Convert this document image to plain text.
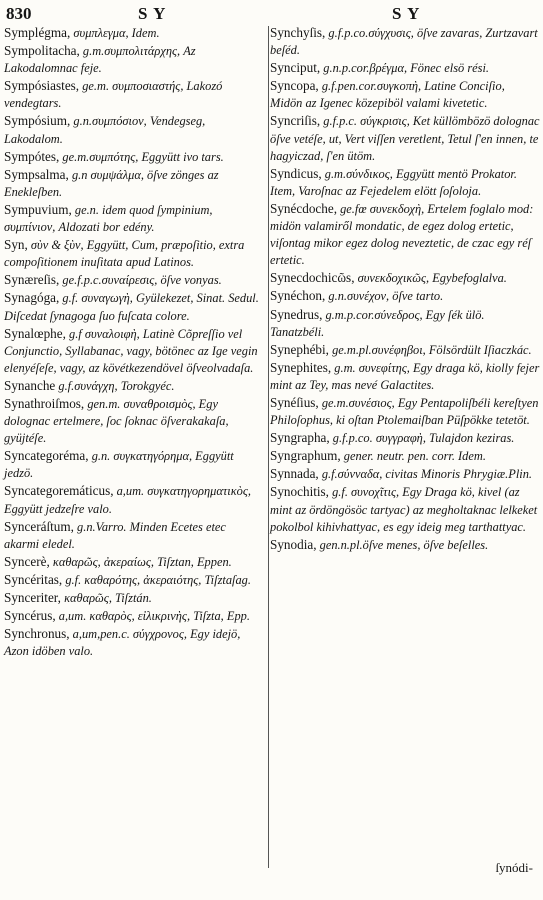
830	S Y	S Y
Symplégma, συμπλεγμα, Idem.
Sympolitacha, g.m.συμπολιτάρχης, Az Lakodalomnac feje.
Sympósiastes, ge.m. συμποσιαστής, Lakozó vendegtars.
Sympósium, g.n.συμπόσιον, Vendegseg, Lakodalom.
Sympótes, ge.m.συμπότης, Eggyütt ivo tars.
Sympsalma, g.n συμψάλμα, öſve zönges az Enekleſben.
Sympuvium, ge.n. idem quod ſympinium, συμπίνιον, Aldozati bor edény.
Syn, σὺν & ξὺν, Eggyütt, Cum, præpoſitio, extra compoſitionem inuſitata apud Latinos.
Synæreſis, ge.f.p.c.συναίρεσις, öſve vonyas.
Synagóga, g.f. συναγωγὴ, Gyülekezet, Sinat. Sedul. Diſcedat ſynagoga ſuo fuſcata colore.
Synalœphe, g.f συναλοιφὴ, Latinè Cõpreſſio vel Conjunctio, Syllabanac, vagy, bötönec az Ige vegin elenyéſeſe, vagy, az kövétkezendövel öſveolvadaſa.
Synanche g.f.συνάγχη, Torokgyéc.
Synathroiſmos, gen.m. συναθροισμὸς, Egy dolognac ertelmere, ſoc ſoknac öſverakakaſa, gyüjtéſe.
Syncategoréma, g.n. συγκατηγόρημα, Eggyütt jedzö.
Syncategoremáticus, a,um. συγκατηγορηματικὸς, Eggyütt jedzeſre valo.
Synceráſtum, g.n.Varro. Minden Ecetes etec akarmi eledel.
Syncerè, καθαρῶς, ἀκεραίως, Tiſztan, Eppen.
Syncéritas, g.f. καθαρότης, ἀκεραιότης, Tiſztaſag.
Synceriter, καθαρῶς, Tiſztán.
Syncérus, a,um. καθαρὸς, εἰλικρινὴς, Tiſzta, Epp.
Synchronus, a,um,pen.c. σύγχρονος, Egy idejö, Azon idöben valo.
Synchyſis, g.f.p.co.σύγχυσις, öſve zavaras, Zurtzavart beſéd.
Synciput, g.n.p.cor.βρέγμα, Fönec elsö rési.
Syncopa, g.f.pen.cor.συγκοπὴ, Latine Conciſio, Midön az Igenec közepiböl valami kivetetic.
Syncriſis, g.f.p.c. σύγκρισις, Ket küllömbözö dolognac öſve vetéſe, ut, Vert viſſen veretlent, Tetul ſ'en innen, te hagyiczad, ſ'en ütöm.
Syndicus, g.m.σύνδικος, Eggyütt mentö Prokator. Item, Varoſnac az Fejedelem elött ſoſoloja.
Synécdoche, ge.fœ συνεκδοχὴ, Ertelem foglalo mod: midön valamiről mondatic, de egez dolog ertetic, viſontag mikor egez dolog neveztetic, de czac egy réſ ertetic.
Synecdochicῶs, συνεκδοχικῶς, Egybefoglalva.
Synéchon, g.n.συνέχον, öſve tarto.
Synedrus, g.m.p.cor.σύνεδρος, Egy ſék ülö. Tanatzbéli.
Synephébi, ge.m.pl.συνέφηβοι, Fölsördült Iſiaczkác.
Synephites, g.m. συνεφίτης, Egy draga kö, kiolly fejer mint az Tey, mas nevé Galactites.
Synéſius, ge.m.συνέσιος, Egy Pentapoliſbéli kereſtyen Philoſophus, ki oſtan Ptolemaiſban Püſpökke tetetöt.
Syngrapha, g.f.p.co. συγγραφὴ, Tulajdon keziras.
Syngraphum, gener. neutr. pen. corr. Idem.
Synnada, g.f.σύνναδα, civitas Minoris Phrygiæ.Plin.
Synochitis, g.f. συνοχῖτις, Egy Draga kö, kivel (az mint az ördöngösöc tartyac) az megholtaknac lelkeket pokolbol kihivhattyac, es egy ideig meg tarthattyac.
Synodia, gen.n.pl.öſve menes, öſve beſelles.
ſynódi-
